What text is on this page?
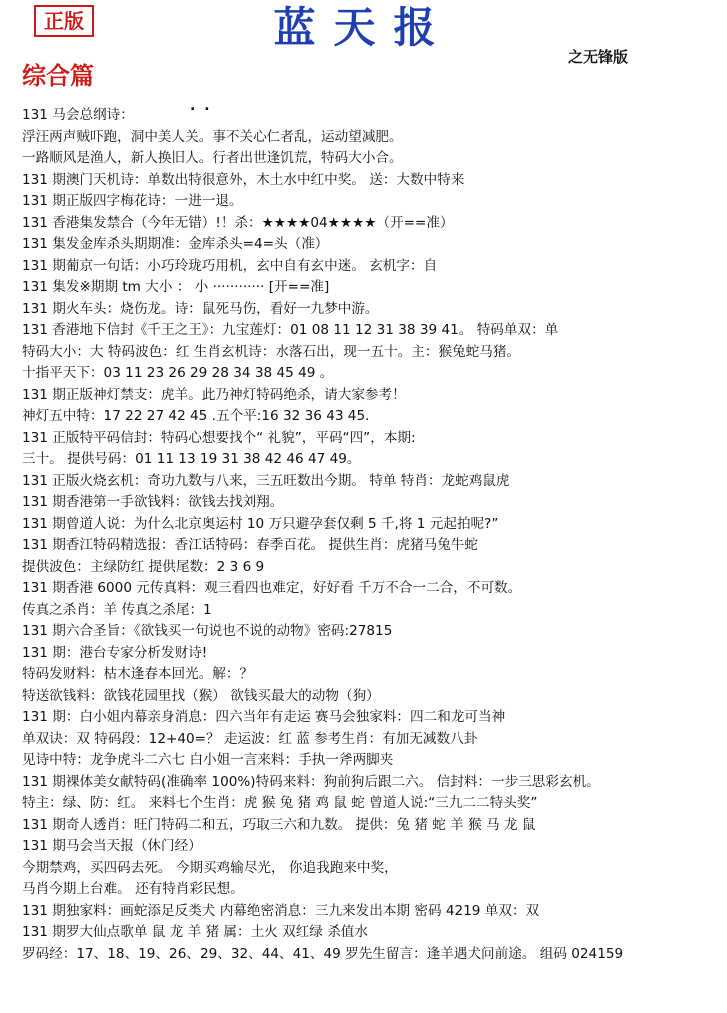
正版	蓝天报
之无锋版
综合篇
. .
131 马会总纲诗：
浮汪两声贼吓跑，洞中美人关。事不关心仁者乱，运动望减肥。
一路顺风是渔人，新人换旧人。行者出世逢饥荒，特码大小合。
131 期澳门天机诗：单数出特很意外，木土水中红中奖。 送：大数中特来
131 期正版四字梅花诗：一进一退。
131 香港集发禁合（今年无错）!！杀：★★★★04★★★★（开==准）
131 集发金库杀头期期准：金库杀头=4=头（准）
131 期葡京一句话：小巧玲珑巧用机，玄中自有玄中迷。 玄机字：自
131 集发※期期 tm 大小 ： 小 ············ [开==准]
131 期火车头：烧伤龙。诗：鼠死马伤，看好一九梦中游。
131 香港地下信封《千王之王》：九宝莲灯：01 08 11 12 31 38 39 41。 特码单双：单
特码大小：大 特码波色：红 生肖玄机诗：水落石出，现一五十。主：猴兔蛇马猪。
十指平天下：03 11 23 26 29 28 34 38 45 49 。
131 期正版神灯禁支：虎羊。此乃神灯特码绝杀，请大家参考！
神灯五中特：17 22 27 42 45 .五个平:16 32 36 43 45.
131 正版特平码信封：特码心想要找个“ 礼貌”，平码“四”，本期:
三十。 提供号码：01 11 13 19 31 38 42 46 47 49。
131 正版火烧玄机：奇功九数与八来，三五旺数出今期。 特单 特肖：龙蛇鸡鼠虎
131 期香港第一手欲钱料：欲钱去找刘翔。
131 期曾道人说：为什么北京奥运村 10 万只避孕套仅剩 5 千,将 1 元起拍呢?”
131 期香江特码精选报：香江话特码：春季百花。 提供生肖：虎猪马兔牛蛇
提供波色：主绿防红 提供尾数：2 3 6 9
131 期香港 6000 元传真料：观三看四也难定，好好看 千万不合一二合，不可数。
传真之杀肖：羊 传真之杀尾：1
131 期六合圣旨：《欲钱买一句说也不说的动物》密码:27815
131 期：港台专家分析发财诗!
特码发财料：枯木逢春本回光。解：？
特送欲钱料：欲钱花园里找（猴） 欲钱买最大的动物（狗）
131 期：白小姐内幕亲身消息：四六当年有走运 赛马会独家料：四二和龙可当神
单双诀：双 特码段：12+40=？ 走运波：红 蓝 参考生肖：有加无减数八卦
见诗中特：龙争虎斗二六七 白小姐一言来料：手执一斧两脚夹
131 期裸体美女献特码(准确率 100%)特码来料：狗前狗后跟二六。 信封料：一步三思彩玄机。
特主：绿、防：红。 来料七个生肖：虎 猴 兔 猪 鸡 鼠 蛇 曾道人说:“三九二二特头奖”
131 期奇人透肖：旺门特码二和五，巧取三六和九数。 提供：兔 猪 蛇 羊 猴 马 龙 鼠
131 期马会当天报（休门经）
今期禁鸡，买四码去死。 今期买鸡输尽光， 你追我跑来中奖，
马肖今期上台难。 还有特肖彩民想。
131 期独家料：画蛇添足反类犬 内幕绝密消息：三九来发出本期 密码 4219 单双：双
131 期罗大仙点歌单 鼠 龙 羊 猪 属：土火 双红绿 杀值水
罗码经：17、18、19、26、29、32、44、41、49 罗先生留言：逢羊遇犬问前途。 组码 024159
